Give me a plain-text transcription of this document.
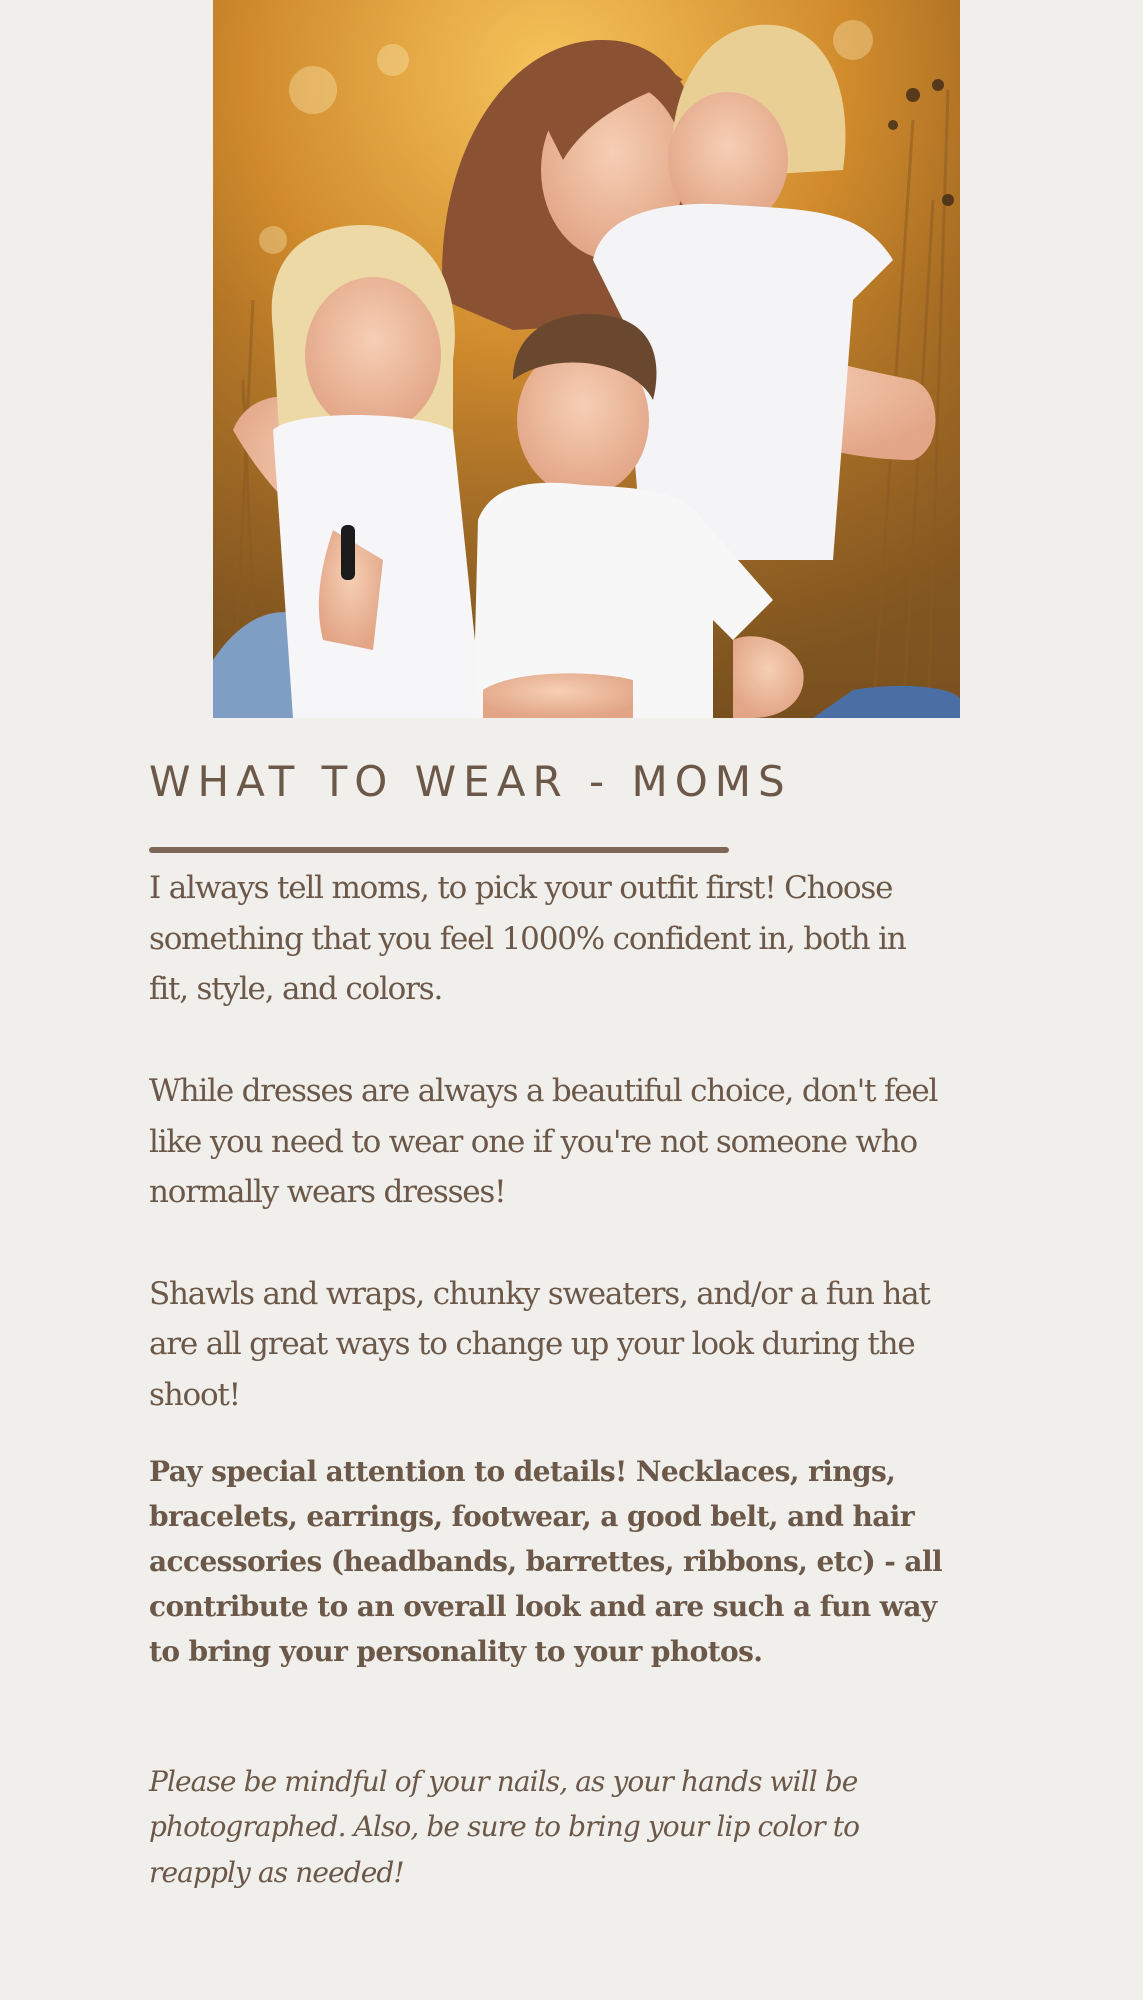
WHAT TO WEAR - MOMS

I always tell moms, to pick your outfit first! Choose something that you feel 1000% confident in, both in fit, style, and colors.

While dresses are always a beautiful choice, don't feel like you need to wear one if you're not someone who normally wears dresses!

Shawls and wraps, chunky sweaters, and/or a fun hat are all great ways to change up your look during the shoot!

Pay special attention to details! Necklaces, rings, bracelets, earrings, footwear, a good belt, and hair accessories (headbands, barrettes, ribbons, etc) - all contribute to an overall look and are such a fun way to bring your personality to your photos.

Please be mindful of your nails, as your hands will be photographed. Also, be sure to bring your lip color to reapply as needed!
